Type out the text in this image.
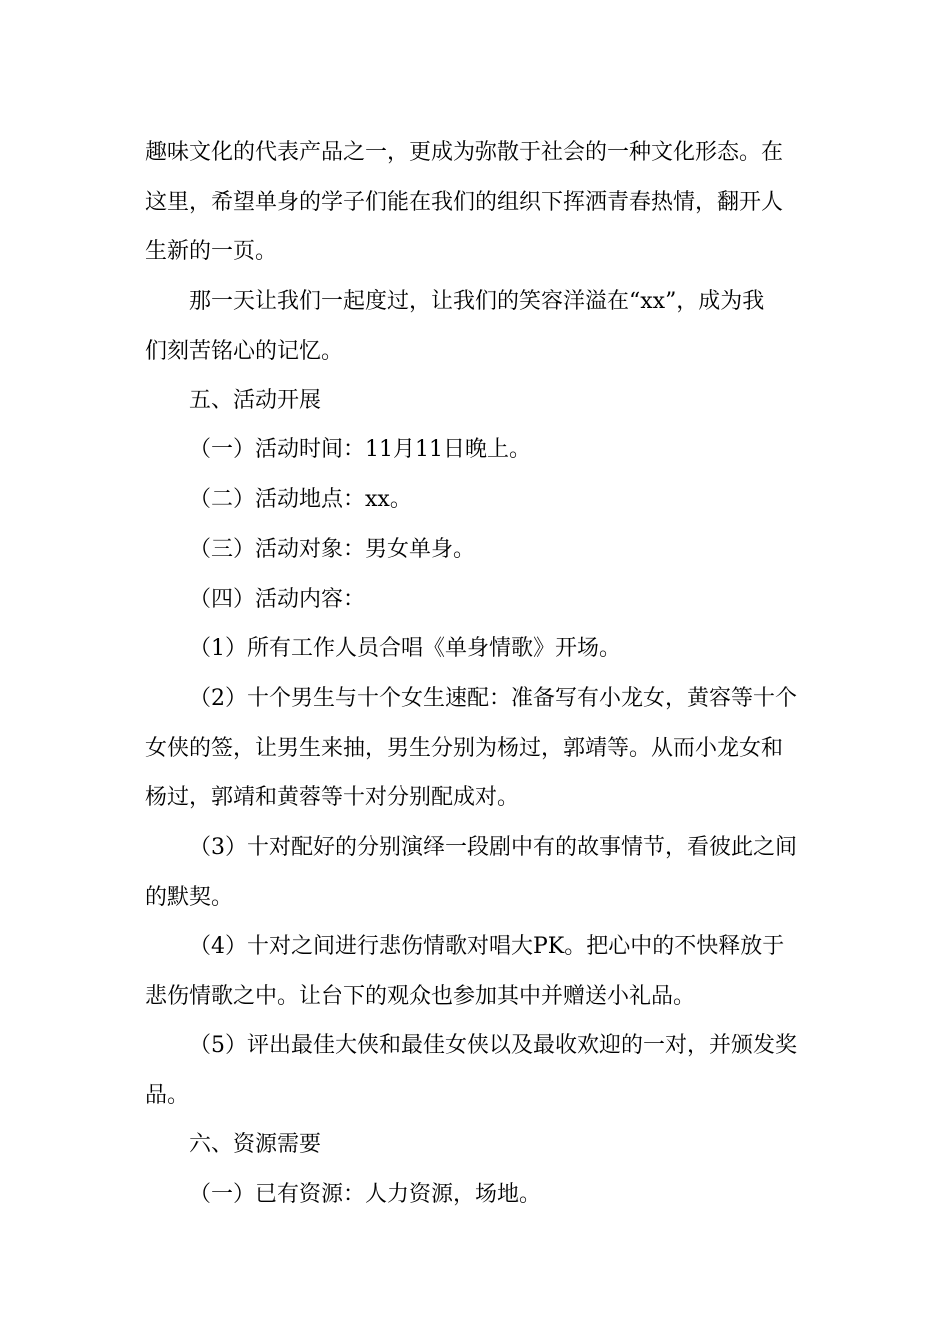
趣味文化的代表产品之一，更成为弥散于社会的一种文化形态。在
这里，希望单身的学子们能在我们的组织下挥洒青春热情，翻开人
生新的一页。
那一天让我们一起度过，让我们的笑容洋溢在“xx”，成为我
们刻苦铭心的记忆。
五、活动开展
（一）活动时间：11月11日晚上。
（二）活动地点：xx。
（三）活动对象：男女单身。
（四）活动内容：
（1）所有工作人员合唱《单身情歌》开场。
（2）十个男生与十个女生速配：准备写有小龙女，黄容等十个
女侠的签，让男生来抽，男生分别为杨过，郭靖等。从而小龙女和
杨过，郭靖和黄蓉等十对分别配成对。
（3）十对配好的分别演绎一段剧中有的故事情节，看彼此之间
的默契。
（4）十对之间进行悲伤情歌对唱大PK。把心中的不快释放于
悲伤情歌之中。让台下的观众也参加其中并赠送小礼品。
（5）评出最佳大侠和最佳女侠以及最收欢迎的一对，并颁发奖
品。
六、资源需要
（一）已有资源：人力资源，场地。
